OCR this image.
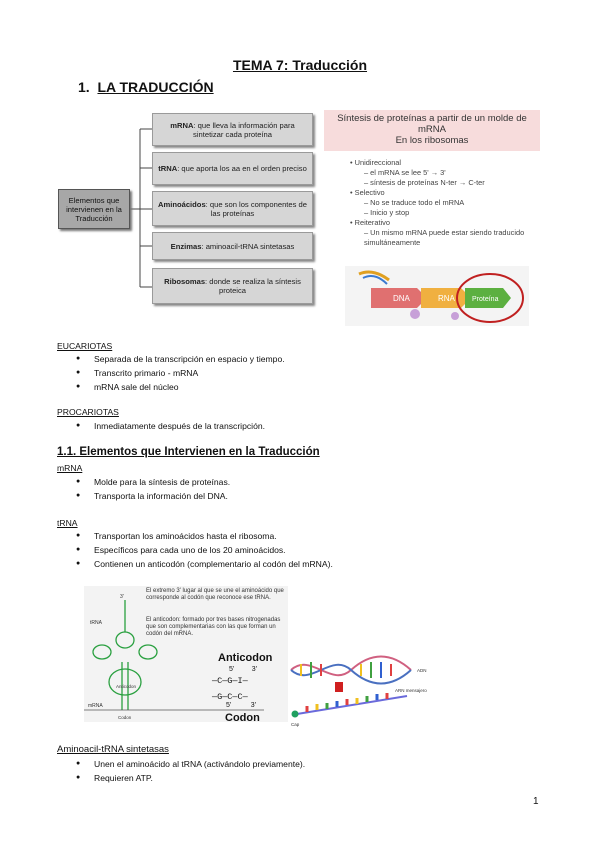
TEMA 7: Traducción
1. LA TRADUCCIÓN
Elementos que intervienen en la Traducción
mRNA: que lleva la información para sintetizar cada proteína
tRNA: que aporta los aa en el orden preciso
Aminoácidos: que son los componentes de las proteínas
Enzimas: aminoacil-tRNA sintetasas
Ribosomas: donde se realiza la síntesis proteica
Síntesis de proteínas a partir de un molde de
mRNA
En los ribosomas
• Unidireccional
– el mRNA se lee 5' → 3'
– síntesis de proteínas N-ter → C-ter
• Selectivo
– No se traduce todo el mRNA
– Inicio y stop
• Reiterativo
– Un mismo mRNA puede estar siendo traducido
simultáneamente
DNA	RNA Proteína
EUCARIOTAS
● Separada de la transcripción en espacio y tiempo.
● Transcrito primario - mRNA
● mRNA sale del núcleo
PROCARIOTAS
● Inmediatamente después de la transcripción.
1.1. Elementos que Intervienen en la Traducción
mRNA
● Molde para la síntesis de proteínas.
● Transporta la información del DNA.
tRNA
● Transportan los aminoácidos hasta el ribosoma.
● Específicos para cada uno de los 20 aminoácidos.
● Contienen un anticodón (complementario al codón del mRNA).
3'
tRNA
mRNA
Anticodon
Codon
El extremo 3' lugar al que se une el aminoácido que corresponde al codón que reconoce ese tRNA.
El anticodon: formado por tres bases nitrogenadas que son complementarias con las que forman un codón del mRNA.
Anticodon
5'	3'
—C—G—I—
—G—C—C—
5'	3'
Codon
ADN
Cap
ARN mensajero
Aminoacil-tRNA sintetasas
● Unen el aminoácido al tRNA (activándolo previamente).
● Requieren ATP.
1
